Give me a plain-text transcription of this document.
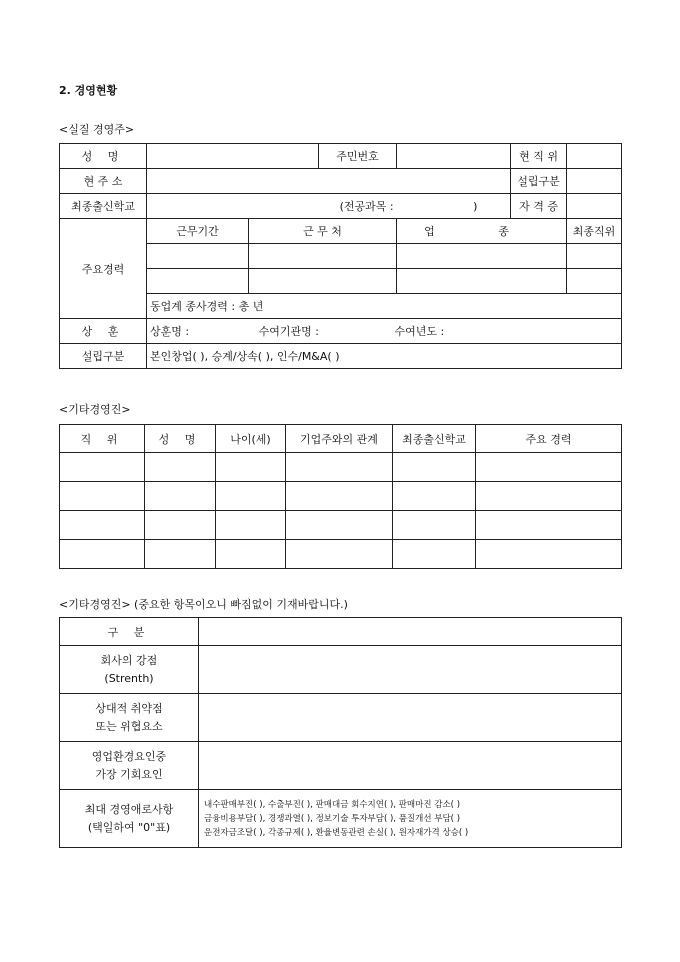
2. 경영현황
<실질 경영주>
성 명			주민번호		현 직 위	
현 주 소					설립구분	
최종출신학교	(전공과목 : )				자 격 증	
주요경력	근무기간	근 무 처		업 종		최종직위

	동업계 종사경력 : 총 년					
상 훈	상훈명 : 수여기관명 : 수여년도 :					
설립구분	본인창업( ), 승계/상속( ), 인수/M&A( )					
<기타경영진>
직 위	성 명	나이(세)	기업주와의 관계	최종출신학교	주요 경력

<기타경영진> (중요한 항목이오니 빠짐없이 기재바랍니다.)
구 분	

회사의 강점
(Strenth)	

상대적 취약점
또는 위협요소	

영업환경요인중
가장 기회요인	

최대 경영애로사항
(택일하여 "0"표)	내수판매부진( ), 수출부진( ), 판매대금 회수지연( ), 판매마진 감소( )
금융비용부담( ), 경쟁과열( ), 정보기술 투자부담( ), 품질개선 부담( )
운전자금조달( ), 각종규제( ), 환율변동관련 손실( ), 원자재가격 상승( )
